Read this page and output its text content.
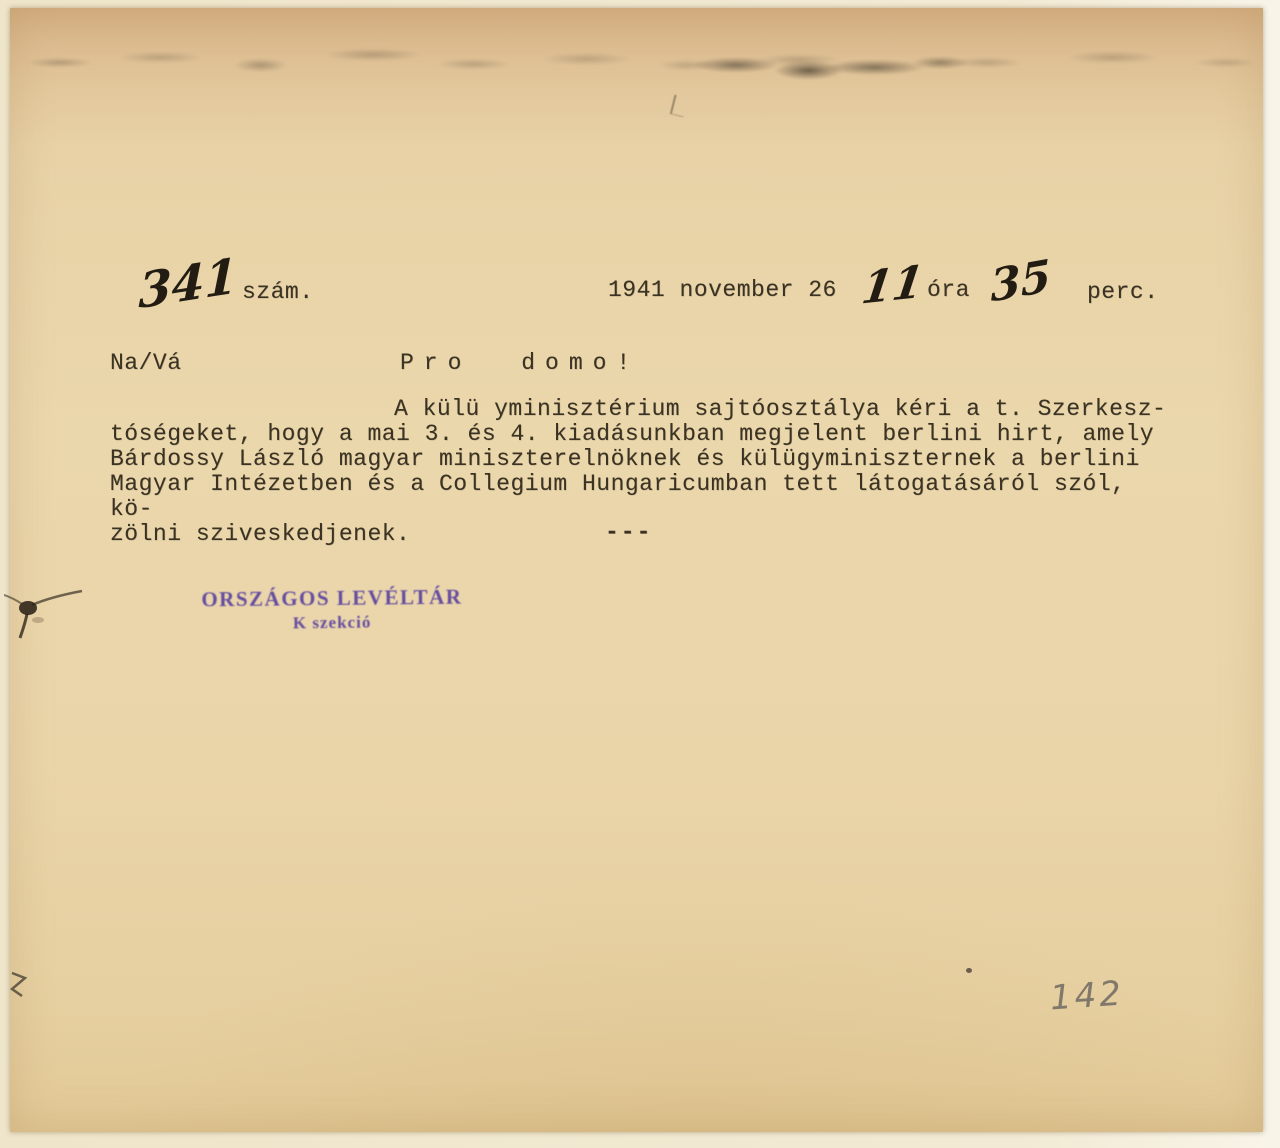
341 szám.	1941 november 26 11 óra 35 perc.
Na/Vá	Pro domo!
A külü yminisztérium sajtóosztálya kéri a t. Szerkesz-
tóségeket, hogy a mai 3. és 4. kiadásunkban megjelent berlini hirt, amely
Bárdossy László magyar miniszterelnöknek és külügyminiszternek a berlini
Magyar Intézetben és a Collegium Hungaricumban tett látogatásáról szól, kö-
zölni sziveskedjenek.	---
ORSZÁGOS LEVÉLTÁR
K szekció
142
